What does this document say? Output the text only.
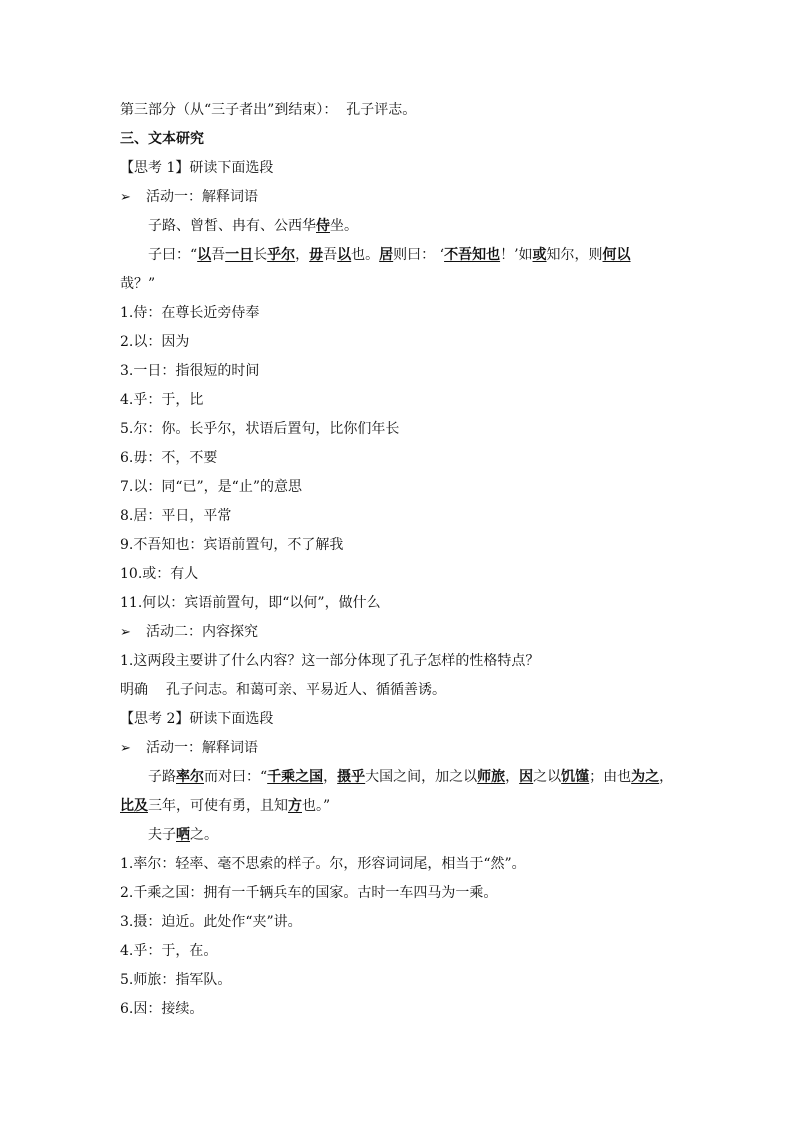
第三部分（从“三子者出”到结束）：  孔子评志。
三、文本研究
【思考 1】研读下面选段
➢ 活动一：解释词语
子路、曾皙、冉有、公西华侍坐。
子曰：“以吾一日长乎尔，毋吾以也。居则曰： ‘不吾知也！’如或知尔，则何以
哉？”
1.侍：在尊长近旁侍奉
2.以：因为
3.一日：指很短的时间
4.乎：于，比
5.尔：你。长乎尔，状语后置句，比你们年长
6.毋：不，不要
7.以：同“已”，是“止”的意思
8.居：平日，平常
9.不吾知也：宾语前置句，不了解我
10.或：有人
11.何以：宾语前置句，即“以何”，做什么
➢ 活动二：内容探究
1.这两段主要讲了什么内容？这一部分体现了孔子怎样的性格特点？
明确 孔子问志。和蔼可亲、平易近人、循循善诱。
【思考 2】研读下面选段
➢ 活动一：解释词语
子路率尔而对曰：“千乘之国，摄乎大国之间，加之以师旅，因之以饥馑；由也为之，
比及三年，可使有勇，且知方也。”
夫子哂之。
1.率尔：轻率、毫不思索的样子。尔，形容词词尾，相当于“然”。
2.千乘之国：拥有一千辆兵车的国家。古时一车四马为一乘。
3.摄：迫近。此处作“夹”讲。
4.乎：于，在。
5.师旅：指军队。
6.因：接续。
